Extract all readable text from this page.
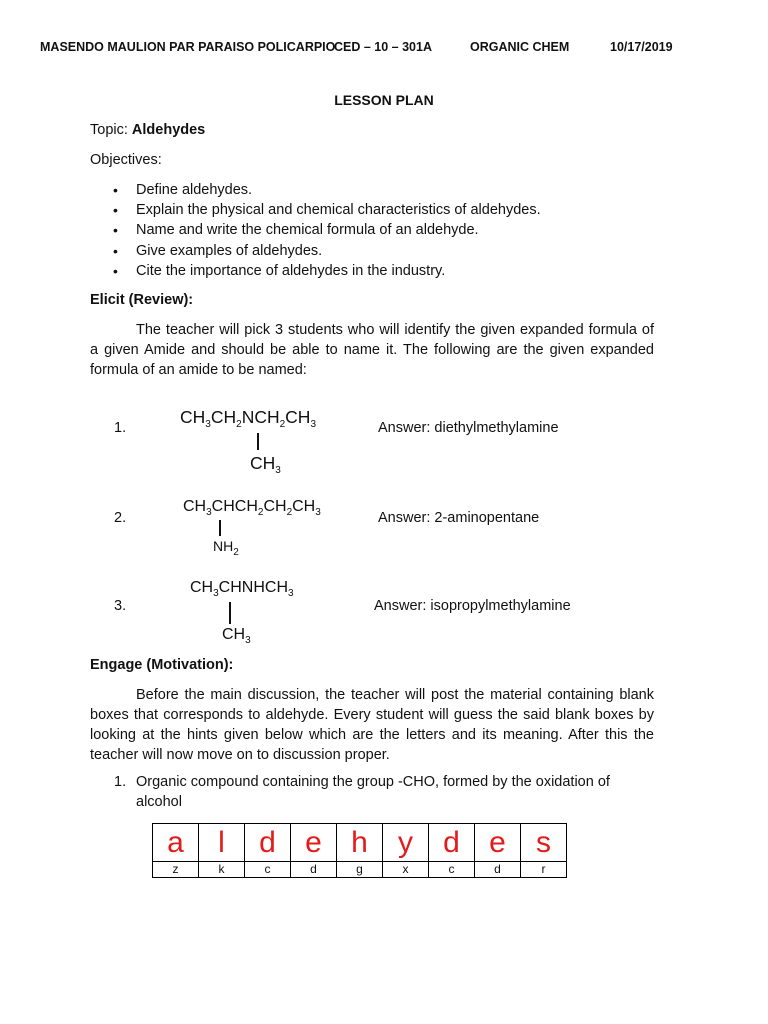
MASENDO MAULION PAR PARAISO POLICARPIO
CED – 10 – 301A	ORGANIC CHEM	10/17/2019
LESSON PLAN
Topic: Aldehydes
Objectives:
• Define aldehydes.
• Explain the physical and chemical characteristics of aldehydes.
• Name and write the chemical formula of an aldehyde.
• Give examples of aldehydes.
• Cite the importance of aldehydes in the industry.
Elicit (Review):
The teacher will pick 3 students who will identify the given expanded formula of a given Amide and should be able to name it. The following are the given expanded formula of an amide to be named:
1.
$CH_3CH_2NCH_2CH_3$
$CH_3$
Answer: diethylmethylamine
2.
$CH_3CHCH_2CH_2CH_3$
$NH_2$
Answer: 2-aminopentane
3.
$CH_3CHNHCH_3$
$CH_3$
Answer: isopropylmethylamine
Engage (Motivation):
Before the main discussion, the teacher will post the material containing blank boxes that corresponds to aldehyde. Every student will guess the said blank boxes by looking at the hints given below which are the letters and its meaning. After this the teacher will now move on to discussion proper.
1. Organic compound containing the group -CHO, formed by the oxidation of
alcohol
a	l	d	e	h	y	d	e	s
z	k	c	d	g	x	c	d	r
